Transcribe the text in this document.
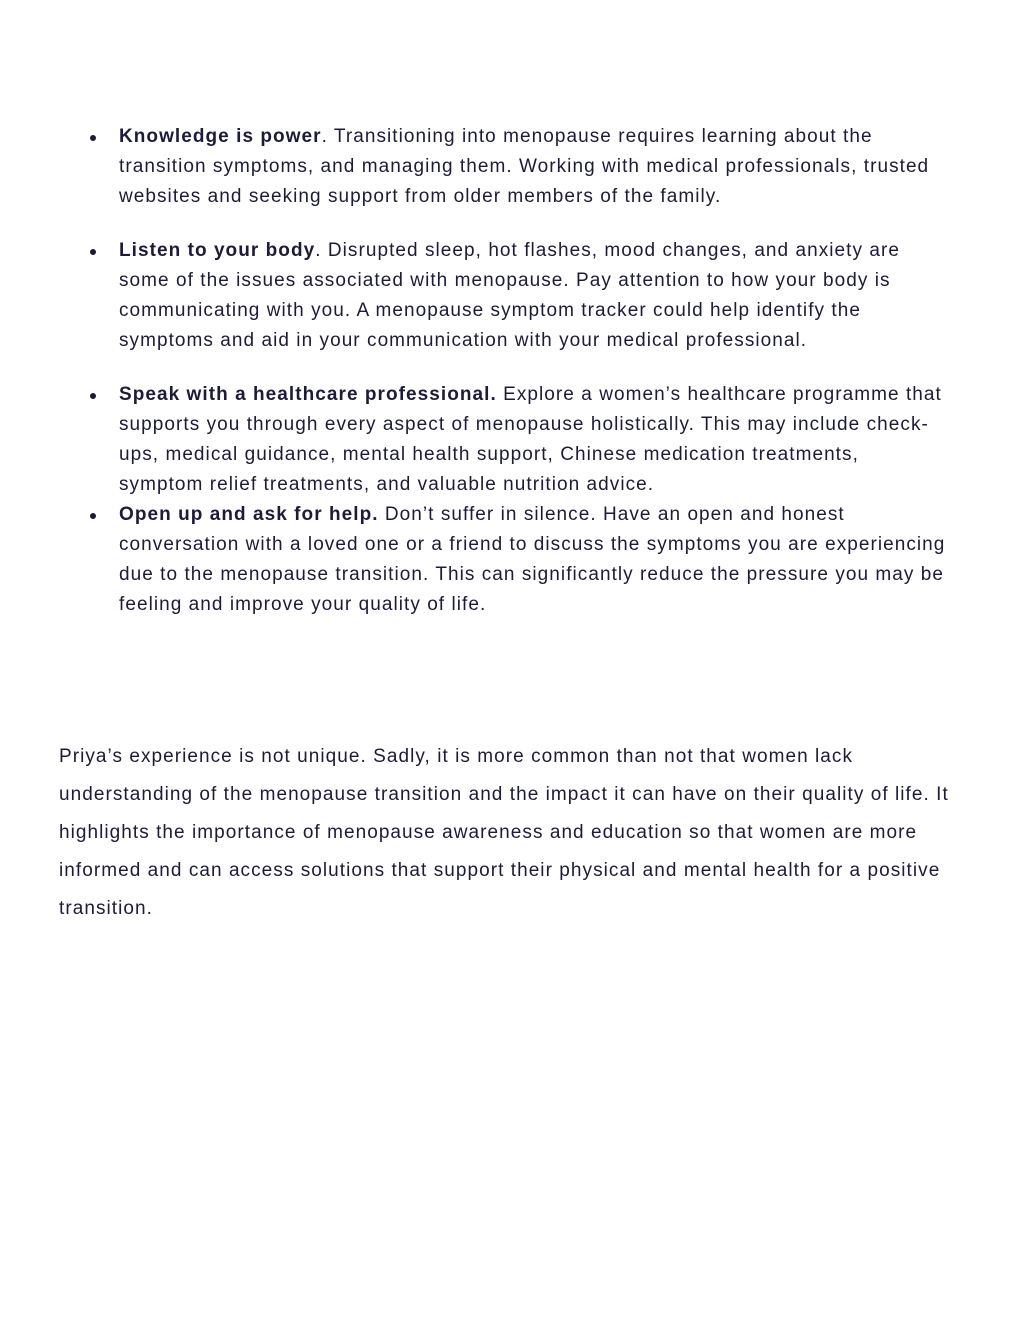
Knowledge is power. Transitioning into menopause requires learning about the transition symptoms, and managing them. Working with medical professionals, trusted websites and seeking support from older members of the family.
Listen to your body. Disrupted sleep, hot flashes, mood changes, and anxiety are some of the issues associated with menopause. Pay attention to how your body is communicating with you. A menopause symptom tracker could help identify the symptoms and aid in your communication with your medical professional.
Speak with a healthcare professional. Explore a women’s healthcare programme that supports you through every aspect of menopause holistically. This may include check-ups, medical guidance, mental health support, Chinese medication treatments, symptom relief treatments, and valuable nutrition advice.
Open up and ask for help. Don’t suffer in silence. Have an open and honest conversation with a loved one or a friend to discuss the symptoms you are experiencing due to the menopause transition. This can significantly reduce the pressure you may be feeling and improve your quality of life.

Priya’s experience is not unique. Sadly, it is more common than not that women lack understanding of the menopause transition and the impact it can have on their quality of life. It highlights the importance of menopause awareness and education so that women are more informed and can access solutions that support their physical and mental health for a positive transition.
